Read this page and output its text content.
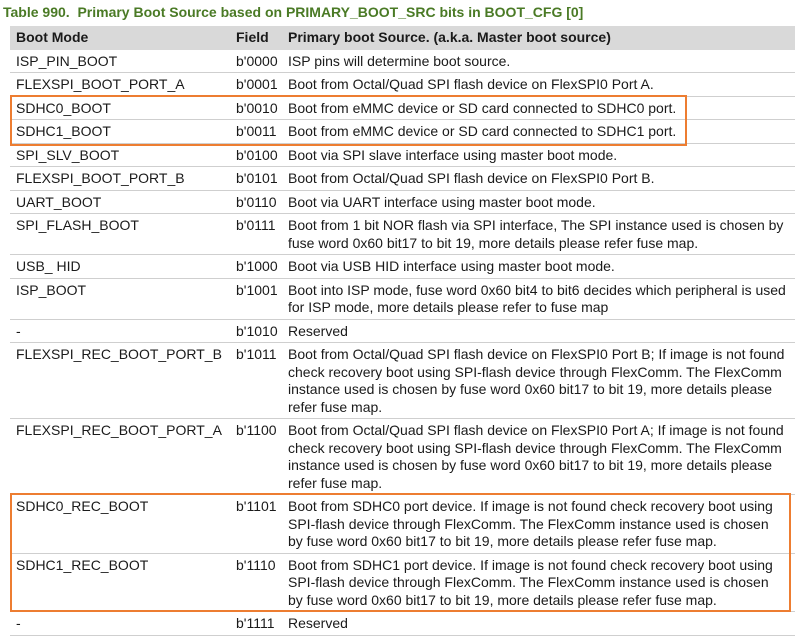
Table 990.  Primary Boot Source based on PRIMARY_BOOT_SRC bits in BOOT_CFG [0]
Boot Mode	Field	Primary boot Source. (a.k.a. Master boot source)
ISP_PIN_BOOT	b'0000 ISP pins will determine boot source.
FLEXSPI_BOOT_PORT_A	b'0001 Boot from Octal/Quad SPI flash device on FlexSPI0 Port A.
SDHC0_BOOT	b'0010 Boot from eMMC device or SD card connected to SDHC0 port.
SDHC1_BOOT	b'0011 Boot from eMMC device or SD card connected to SDHC1 port.
SPI_SLV_BOOT	b'0100 Boot via SPI slave interface using master boot mode.
FLEXSPI_BOOT_PORT_B	b'0101 Boot from Octal/Quad SPI flash device on FlexSPI0 Port B.
UART_BOOT	b'0110 Boot via UART interface using master boot mode.
SPI_FLASH_BOOT	b'0111 Boot from 1 bit NOR flash via SPI interface, The SPI instance used is chosen by
fuse word 0x60 bit17 to bit 19, more details please refer fuse map.
USB_ HID	b'1000 Boot via USB HID interface using master boot mode.
ISP_BOOT	b'1001 Boot into ISP mode, fuse word 0x60 bit4 to bit6 decides which peripheral is used
for ISP mode, more details please refer to fuse map
-	b'1010 Reserved
FLEXSPI_REC_BOOT_PORT_B	b'1011 Boot from Octal/Quad SPI flash device on FlexSPI0 Port B; If image is not found
check recovery boot using SPI-flash device through FlexComm. The FlexComm
instance used is chosen by fuse word 0x60 bit17 to bit 19, more details please
refer fuse map.
FLEXSPI_REC_BOOT_PORT_A	b'1100 Boot from Octal/Quad SPI flash device on FlexSPI0 Port A; If image is not found
check recovery boot using SPI-flash device through FlexComm. The FlexComm
instance used is chosen by fuse word 0x60 bit17 to bit 19, more details please
refer fuse map.
SDHC0_REC_BOOT	b'1101 Boot from SDHC0 port device. If image is not found check recovery boot using
SPI-flash device through FlexComm. The FlexComm instance used is chosen
by fuse word 0x60 bit17 to bit 19, more details please refer fuse map.
SDHC1_REC_BOOT	b'1110 Boot from SDHC1 port device. If image is not found check recovery boot using
SPI-flash device through FlexComm. The FlexComm instance used is chosen
by fuse word 0x60 bit17 to bit 19, more details please refer fuse map.
-	b'1111 Reserved
